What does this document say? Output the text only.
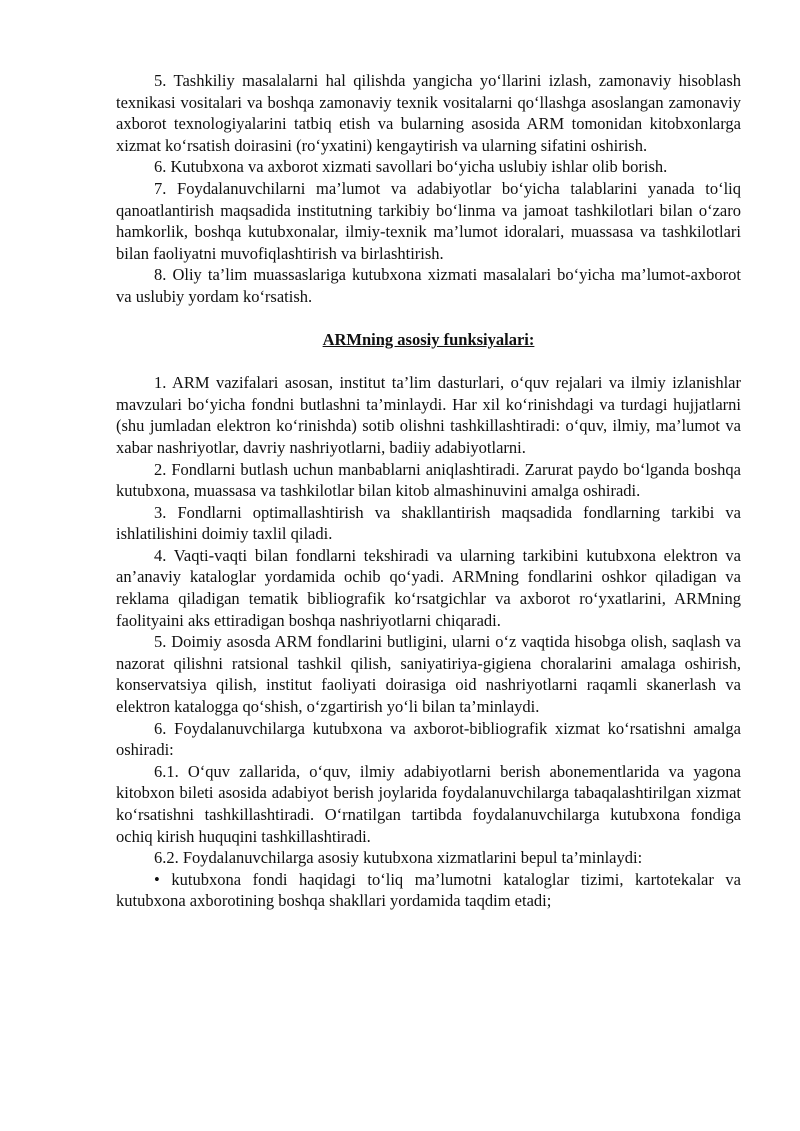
5. Tashkiliy masalalarni hal qilishda yangicha yo‘llarini izlash, zamonaviy hisoblash texnikasi vositalari va boshqa zamonaviy texnik vositalarni qo‘llashga asoslangan zamonaviy axborot texnologiyalarini tatbiq etish va bularning asosida ARM tomonidan kitobxonlarga xizmat ko‘rsatish doirasini (ro‘yxatini) kengaytirish va ularning sifatini oshirish.

6. Kutubxona va axborot xizmati savollari bo‘yicha uslubiy ishlar olib borish.

7. Foydalanuvchilarni ma’lumot va adabiyotlar bo‘yicha talablarini yanada to‘liq qanoatlantirish maqsadida institutning tarkibiy bo‘linma va jamoat tashkilotlari bilan o‘zaro hamkorlik, boshqa kutubxonalar, ilmiy-texnik ma’lumot idoralari, muassasa va tashkilotlari bilan faoliyatni muvofiqlashtirish va birlashtirish.

8. Oliy ta’lim muassaslariga kutubxona xizmati masalalari bo‘yicha ma’lumot-axborot va uslubiy yordam ko‘rsatish.

ARMning asosiy funksiyalari:

1. ARM vazifalari asosan, institut ta’lim dasturlari, o‘quv rejalari va ilmiy izlanishlar mavzulari bo‘yicha fondni butlashni ta’minlaydi. Har xil ko‘rinishdagi va turdagi hujjatlarni (shu jumladan elektron ko‘rinishda) sotib olishni tashkillashtiradi: o‘quv, ilmiy, ma’lumot va xabar nashriyotlar, davriy nashriyotlarni, badiiy adabiyotlarni.

2. Fondlarni butlash uchun manbablarni aniqlashtiradi. Zarurat paydo bo‘lganda boshqa kutubxona, muassasa va tashkilotlar bilan kitob almashinuvini amalga oshiradi.

3. Fondlarni optimallashtirish va shakllantirish maqsadida fondlarning tarkibi va ishlatilishini doimiy taxlil qiladi.

4. Vaqti-vaqti bilan fondlarni tekshiradi va ularning tarkibini kutubxona elektron va an’anaviy kataloglar yordamida ochib qo‘yadi. ARMning fondlarini oshkor qiladigan va reklama qiladigan tematik bibliografik ko‘rsatgichlar va axborot ro‘yxatlarini, ARMning faolityaini aks ettiradigan boshqa nashriyotlarni chiqaradi.

5. Doimiy asosda ARM fondlarini butligini, ularni o‘z vaqtida hisobga olish, saqlash va nazorat qilishni ratsional tashkil qilish, saniyatiriya-gigiena choralarini amalaga oshirish, konservatsiya qilish, institut faoliyati doirasiga oid nashriyotlarni raqamli skanerlash va elektron katalogga qo‘shish, o‘zgartirish yo‘li bilan ta’minlaydi.

6. Foydalanuvchilarga kutubxona va axborot-bibliografik xizmat ko‘rsatishni amalga oshiradi:

6.1. O‘quv zallarida, o‘quv, ilmiy adabiyotlarni berish abonementlarida va yagona kitobxon bileti asosida adabiyot berish joylarida foydalanuvchilarga tabaqalashtirilgan xizmat ko‘rsatishni tashkillashtiradi. O‘rnatilgan tartibda foydalanuvchilarga kutubxona fondiga ochiq kirish huquqini tashkillashtiradi.

6.2. Foydalanuvchilarga asosiy kutubxona xizmatlarini bepul ta’minlaydi:

• kutubxona fondi haqidagi to‘liq ma’lumotni kataloglar tizimi, kartotekalar va kutubxona axborotining boshqa shakllari yordamida taqdim etadi;
